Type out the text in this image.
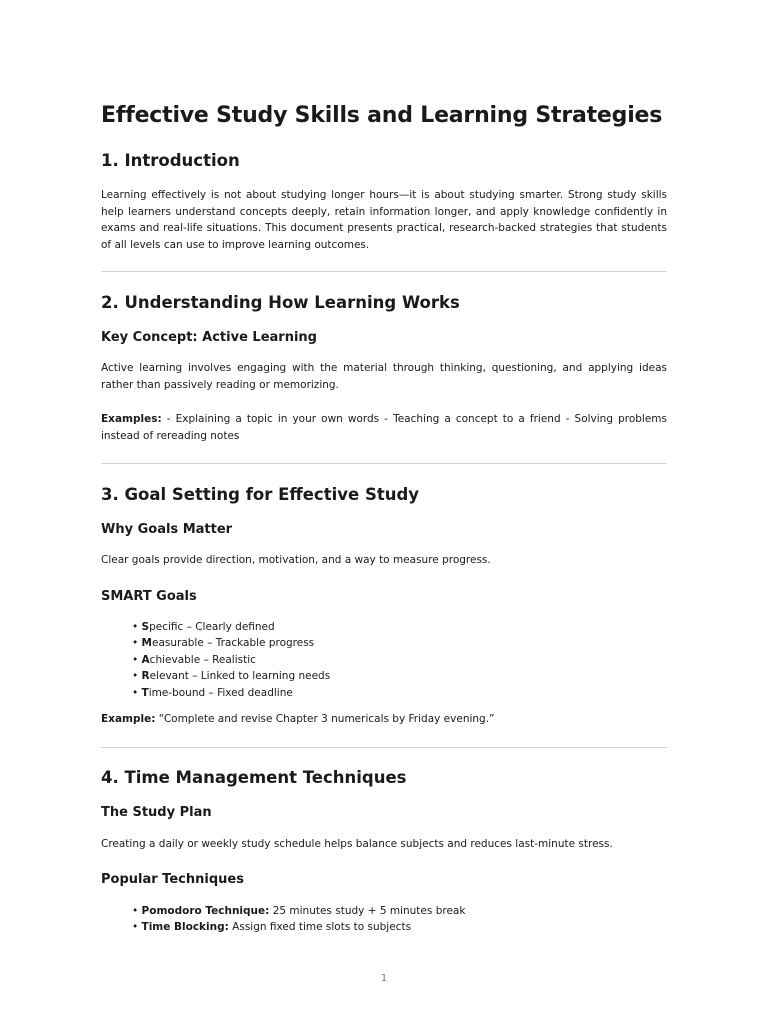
Effective Study Skills and Learning Strategies
1. Introduction

Learning effectively is not about studying longer hours—it is about studying smarter. Strong study skills help learners understand concepts deeply, retain information longer, and apply knowledge confidently in exams and real-life situations. This document presents practical, research-backed strategies that students of all levels can use to improve learning outcomes.

2. Understanding How Learning Works
Key Concept: Active Learning

Active learning involves engaging with the material through thinking, questioning, and applying ideas rather than passively reading or memorizing.

Examples: - Explaining a topic in your own words - Teaching a concept to a friend - Solving problems instead of rereading notes

3. Goal Setting for Effective Study
Why Goals Matter

Clear goals provide direction, motivation, and a way to measure progress.

SMART Goals
• Specific – Clearly defined
• Measurable – Trackable progress
• Achievable – Realistic
• Relevant – Linked to learning needs
• Time-bound – Fixed deadline

Example: “Complete and revise Chapter 3 numericals by Friday evening.”

4. Time Management Techniques
The Study Plan

Creating a daily or weekly study schedule helps balance subjects and reduces last-minute stress.

Popular Techniques
• Pomodoro Technique: 25 minutes study + 5 minutes break
• Time Blocking: Assign fixed time slots to subjects
1
